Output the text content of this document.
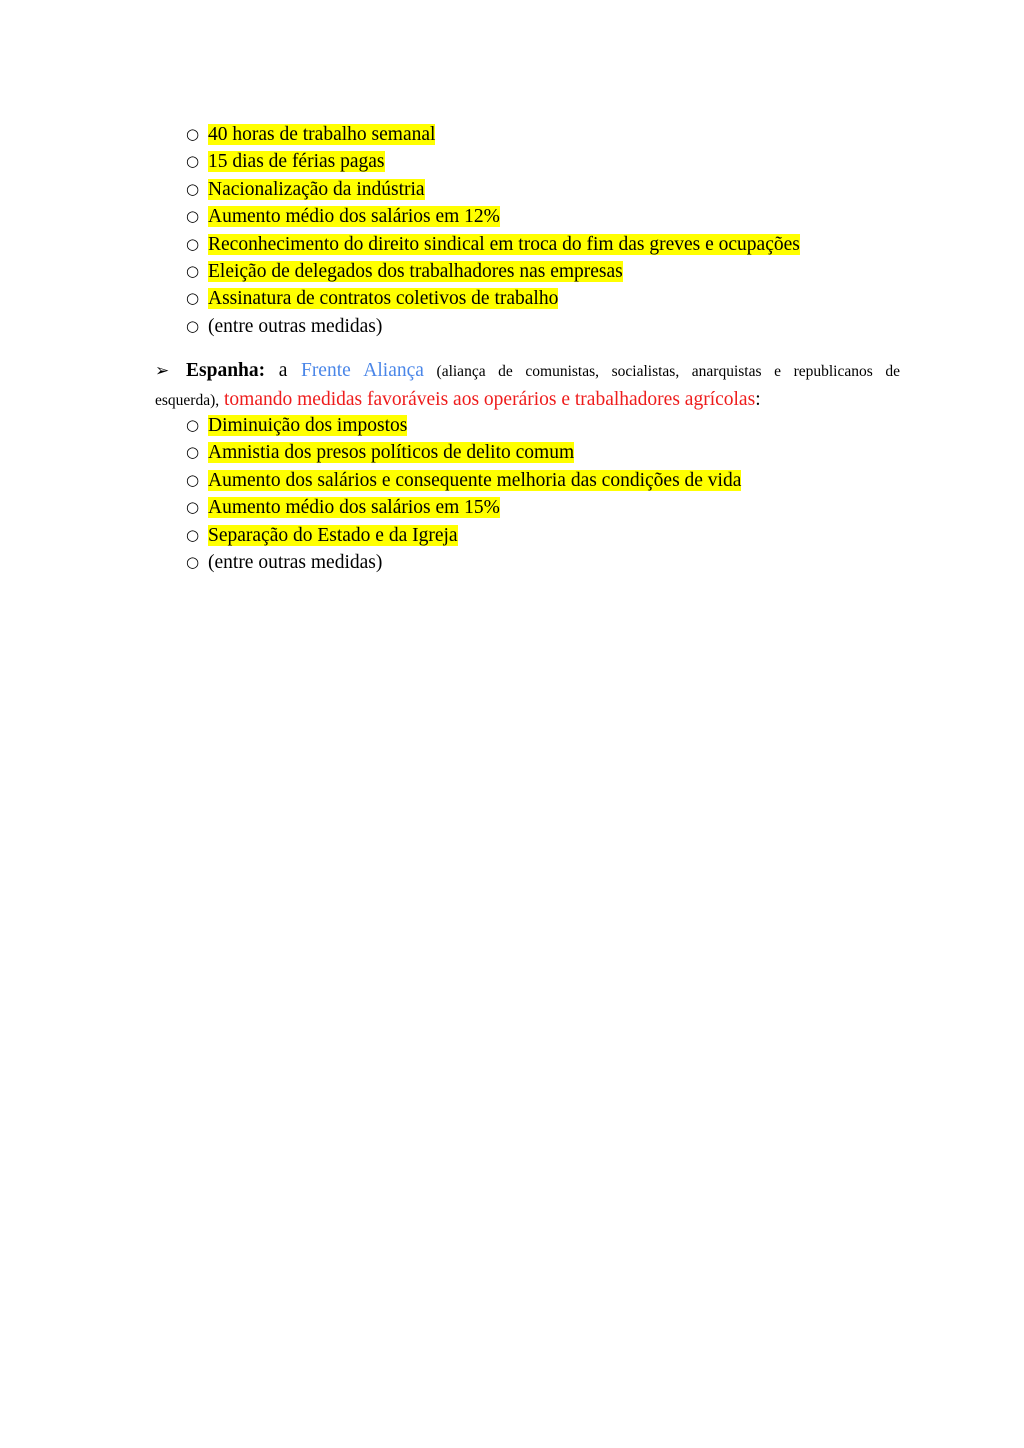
○ 40 horas de trabalho semanal
○ 15 dias de férias pagas
○ Nacionalização da indústria
○ Aumento médio dos salários em 12%
○ Reconhecimento do direito sindical em troca do fim das greves e ocupações
○ Eleição de delegados dos trabalhadores nas empresas
○ Assinatura de contratos coletivos de trabalho
○ (entre outras medidas)
➢ Espanha: a Frente Aliança (aliança de comunistas, socialistas, anarquistas e republicanos de
esquerda), tomando medidas favoráveis aos operários e trabalhadores agrícolas:
○ Diminuição dos impostos
○ Amnistia dos presos políticos de delito comum
○ Aumento dos salários e consequente melhoria das condições de vida
○ Aumento médio dos salários em 15%
○ Separação do Estado e da Igreja
○ (entre outras medidas)
